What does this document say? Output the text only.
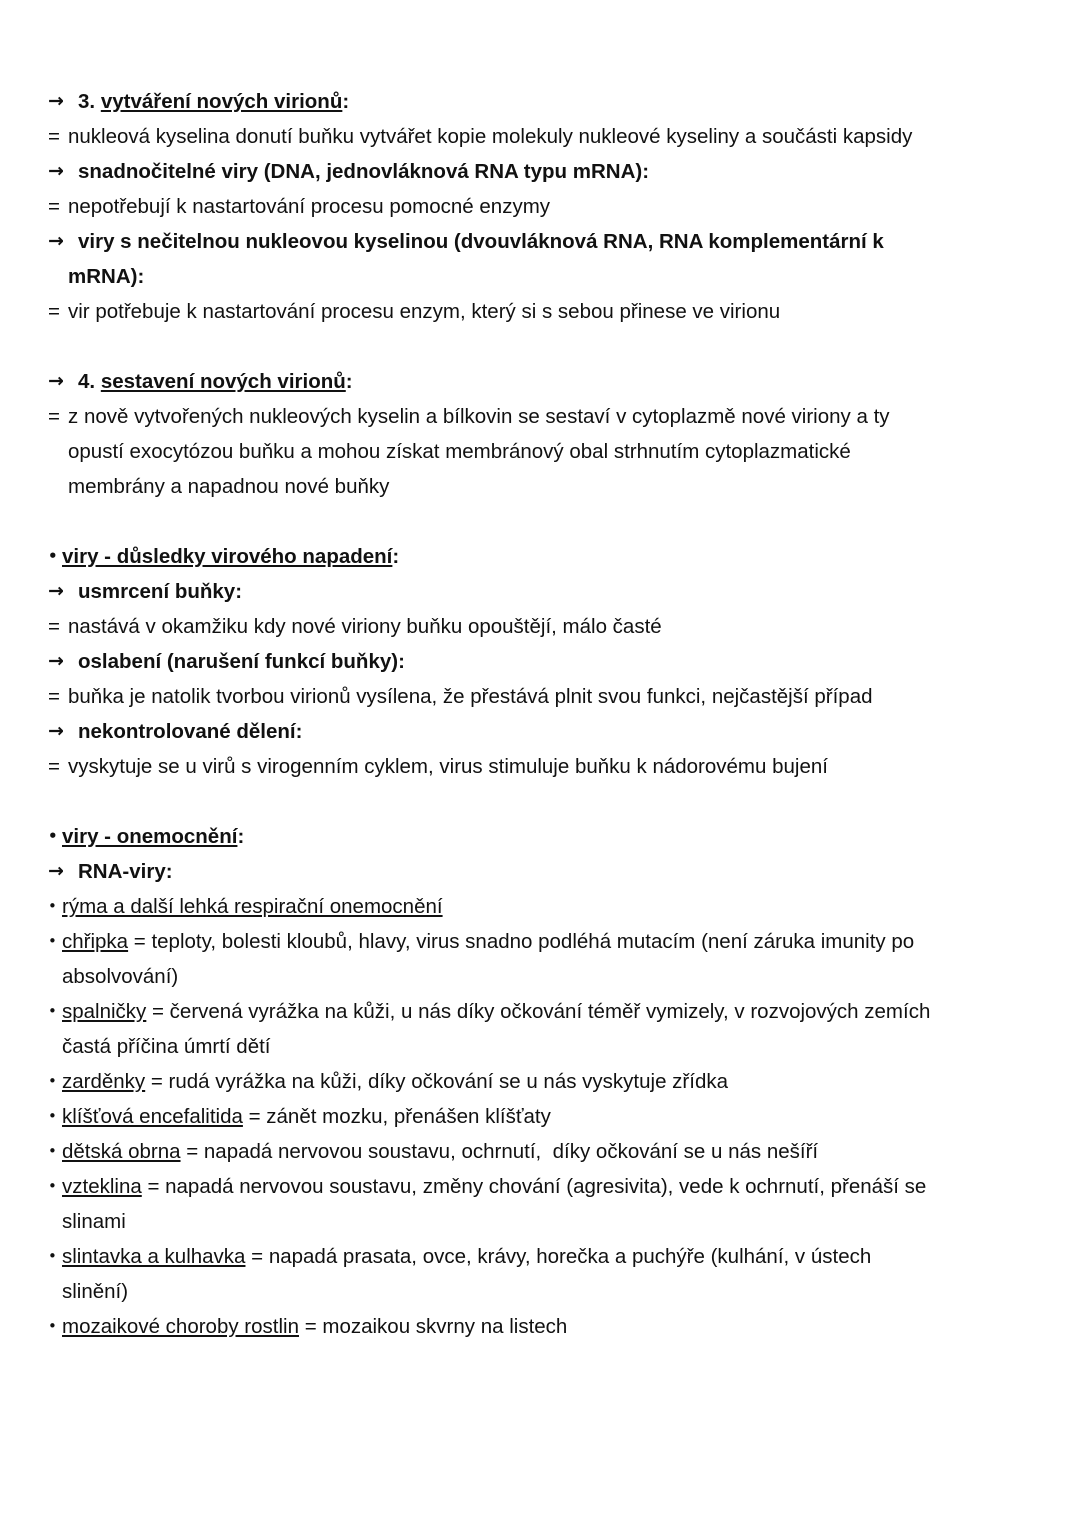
→ 3. vytváření nových virionů:
= nukleová kyselina donutí buňku vytvářet kopie molekuly nukleové kyseliny a součásti kapsidy
→ snadnočitelné viry (DNA, jednovláknová RNA typu mRNA):
= nepotřebují k nastartování procesu pomocné enzymy
→ viry s nečitelnou nukleovou kyselinou (dvouvláknová RNA, RNA komplementární k
mRNA):
= vir potřebuje k nastartování procesu enzym, který si s sebou přinese ve virionu
→ 4. sestavení nových virionů:
= z nově vytvořených nukleových kyselin a bílkovin se sestaví v cytoplazmě nové viriony a ty
opustí exocytózou buňku a mohou získat membránový obal strhnutím cytoplazmatické
membrány a napadnou nové buňky
• viry - důsledky virového napadení:
→ usmrcení buňky:
= nastává v okamžiku kdy nové viriony buňku opouštějí, málo časté
→ oslabení (narušení funkcí buňky):
= buňka je natolik tvorbou virionů vysílena, že přestává plnit svou funkci, nejčastější případ
→ nekontrolované dělení:
= vyskytuje se u virů s virogenním cyklem, virus stimuluje buňku k nádorovému bujení
• viry - onemocnění:
→ RNA-viry:
• rýma a další lehká respirační onemocnění
• chřipka = teploty, bolesti kloubů, hlavy, virus snadno podléhá mutacím (není záruka imunity po
absolvování)
• spalničky = červená vyrážka na kůži, u nás díky očkování téměř vymizely, v rozvojových zemích
častá příčina úmrtí dětí
• zarděnky = rudá vyrážka na kůži, díky očkování se u nás vyskytuje zřídka
• klíšťová encefalitida = zánět mozku, přenášen klíšťaty
• dětská obrna = napadá nervovou soustavu, ochrnutí,  díky očkování se u nás nešíří
• vzteklina = napadá nervovou soustavu, změny chování (agresivita), vede k ochrnutí, přenáší se
slinami
• slintavka a kulhavka = napadá prasata, ovce, krávy, horečka a puchýře (kulhání, v ústech
slinění)
• mozaikové choroby rostlin = mozaikou skvrny na listech
